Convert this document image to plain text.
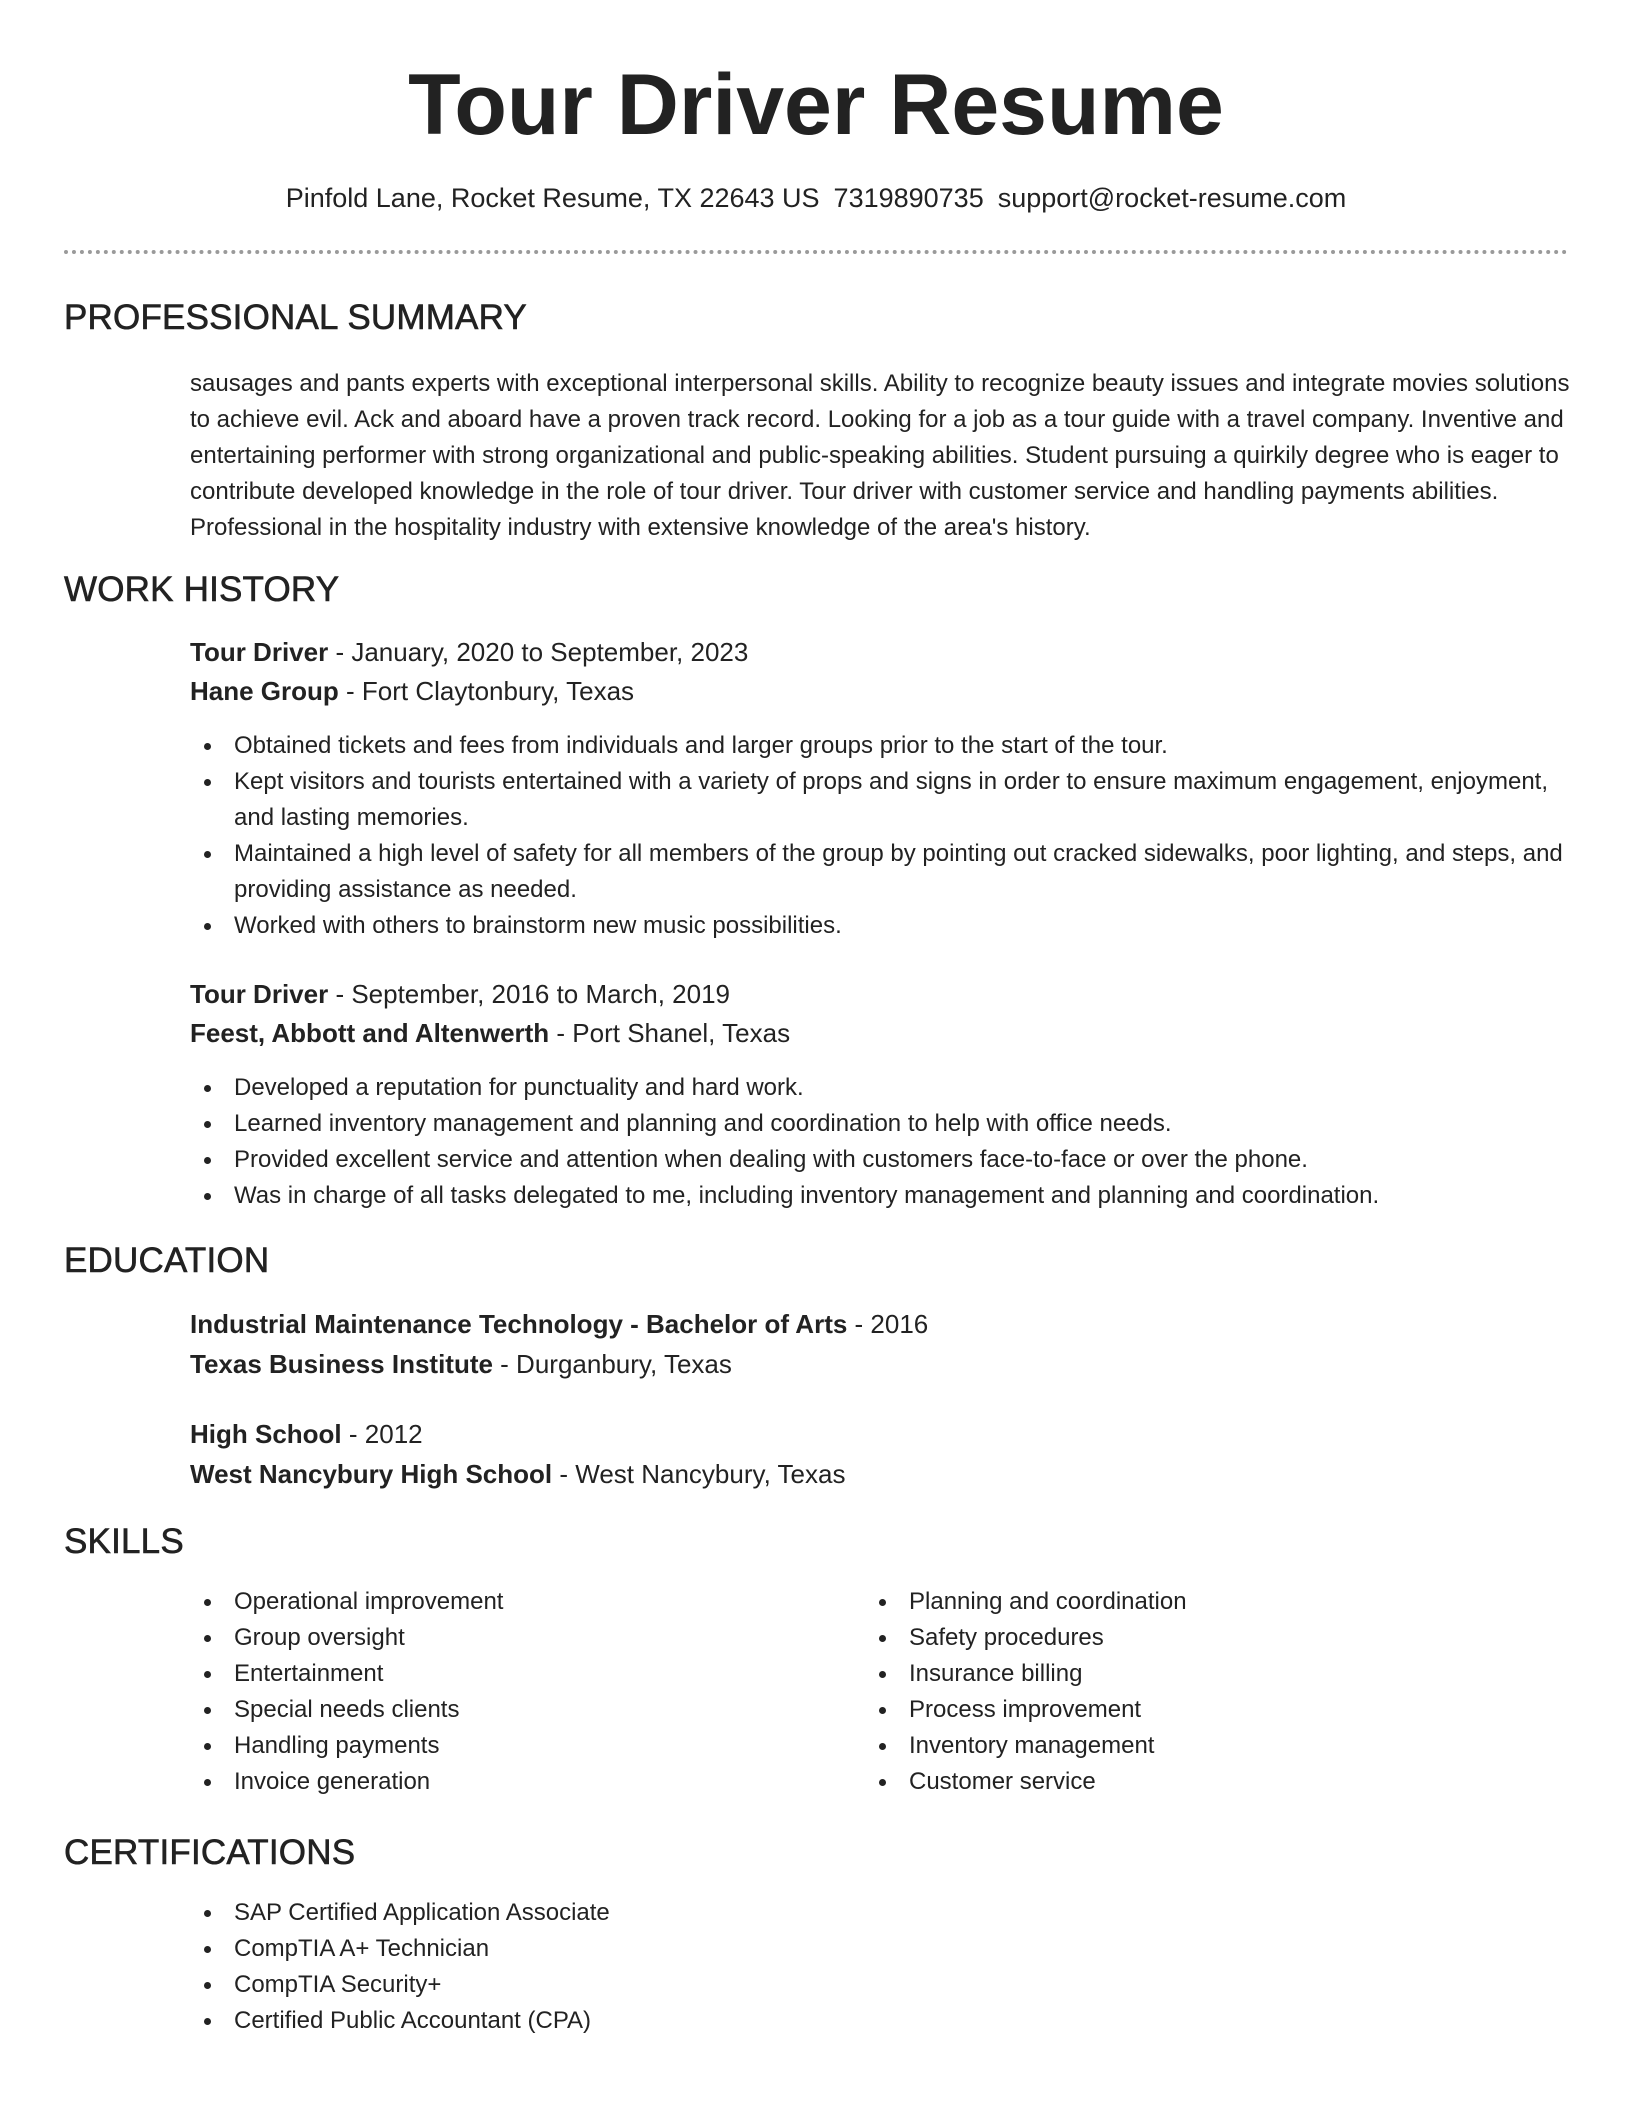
Tour Driver Resume
Pinfold Lane, Rocket Resume, TX 22643 US 7319890735 support@rocket-resume.com
PROFESSIONAL SUMMARY
sausages and pants experts with exceptional interpersonal skills. Ability to recognize beauty issues and integrate movies solutions to achieve evil. Ack and aboard have a proven track record. Looking for a job as a tour guide with a travel company. Inventive and entertaining performer with strong organizational and public-speaking abilities. Student pursuing a quirkily degree who is eager to contribute developed knowledge in the role of tour driver. Tour driver with customer service and handling payments abilities. Professional in the hospitality industry with extensive knowledge of the area's history.
WORK HISTORY
Tour Driver - January, 2020 to September, 2023
Hane Group - Fort Claytonbury, Texas
Obtained tickets and fees from individuals and larger groups prior to the start of the tour.
Kept visitors and tourists entertained with a variety of props and signs in order to ensure maximum engagement, enjoyment, and lasting memories.
Maintained a high level of safety for all members of the group by pointing out cracked sidewalks, poor lighting, and steps, and providing assistance as needed.
Worked with others to brainstorm new music possibilities.
Tour Driver - September, 2016 to March, 2019
Feest, Abbott and Altenwerth - Port Shanel, Texas
Developed a reputation for punctuality and hard work.
Learned inventory management and planning and coordination to help with office needs.
Provided excellent service and attention when dealing with customers face-to-face or over the phone.
Was in charge of all tasks delegated to me, including inventory management and planning and coordination.
EDUCATION
Industrial Maintenance Technology - Bachelor of Arts - 2016
Texas Business Institute - Durganbury, Texas
High School - 2012
West Nancybury High School - West Nancybury, Texas
SKILLS
Operational improvement
Group oversight
Entertainment
Special needs clients
Handling payments
Invoice generation
Planning and coordination
Safety procedures
Insurance billing
Process improvement
Inventory management
Customer service
CERTIFICATIONS
SAP Certified Application Associate
CompTIA A+ Technician
CompTIA Security+
Certified Public Accountant (CPA)
